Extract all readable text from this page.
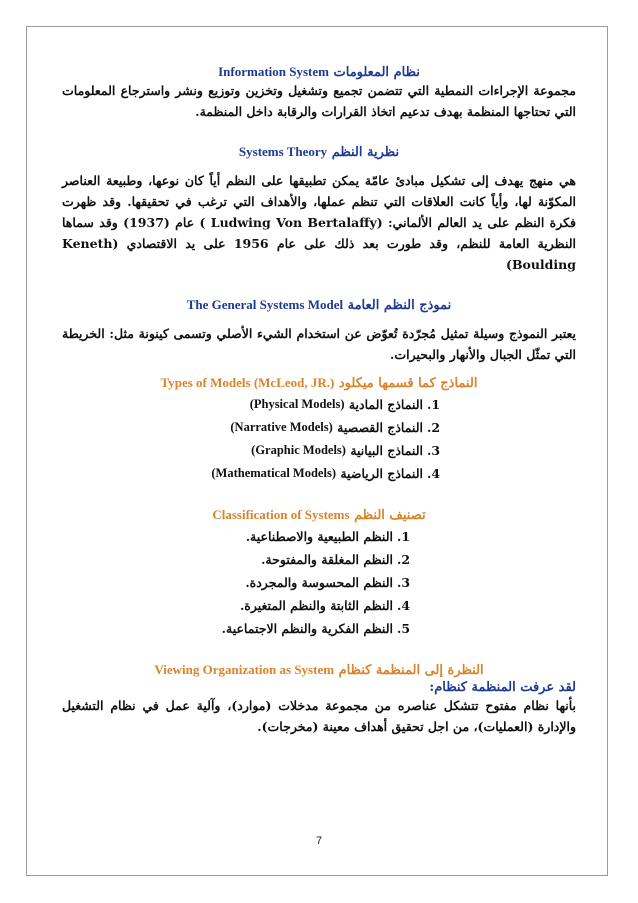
نظام المعلومات Information System

مجموعة الإجراءات النمطية التي تتضمن تجميع وتشغيل وتخزين وتوزيع ونشر واسترجاع المعلومات التي تحتاجها المنظمة بهدف تدعيم اتخاذ القرارات والرقابة داخل المنظمة.

نظرية النظم Systems Theory

هي منهج يهدف إلى تشكيل مبادئ عامّة يمكن تطبيقها على النظم أياً كان نوعها، وطبيعة العناصر المكوّنة لها، وأياً كانت العلاقات التي تنظم عملها، والأهداف التي ترغب في تحقيقها. وقد ظهرت فكرة النظم على يد العالم الألماني: (Ludwing Von Bertalaffy ) عام (1937) وقد سماها النظرية العامة للنظم، وقد طورت بعد ذلك على عام 1956 على يد الاقتصادي (Keneth Boulding)

نموذج النظم العامة The General Systems Model

يعتبر النموذج وسيلة تمثيل مُجرّدة تُعوّض عن استخدام الشيء الأصلي وتسمى كينونة مثل: الخريطة التي تمثّل الجبال والأنهار والبحيرات.

النماذج كما قسمها ميكلود Types of Models (McLeod, JR.)
1.
النماذج المادية

(Physical Models)
2.
النماذج القصصية

(Narrative Models)
3.
النماذج البيانية

(Graphic Models)
4.
النماذج الرياضية

(Mathematical Models)
تصنيف النظم Classification of Systems
1.
النظم الطبيعية والاصطناعية.
2.
النظم المغلقة والمفتوحة.
3.
النظم المحسوسة والمجردة.
4.
النظم الثابتة والنظم المتغيرة.
5.
النظم الفكرية والنظم الاجتماعية.
النظرة إلى المنظمة كنظام Viewing Organization as System
لقد عرفت المنظمة كنظام:

بأنها نظام مفتوح تتشكل عناصره من مجموعة مدخلات (موارد)، وآلية عمل في نظام التشغيل والإدارة (العمليات)، من اجل تحقيق أهداف معينة (مخرجات).

7
